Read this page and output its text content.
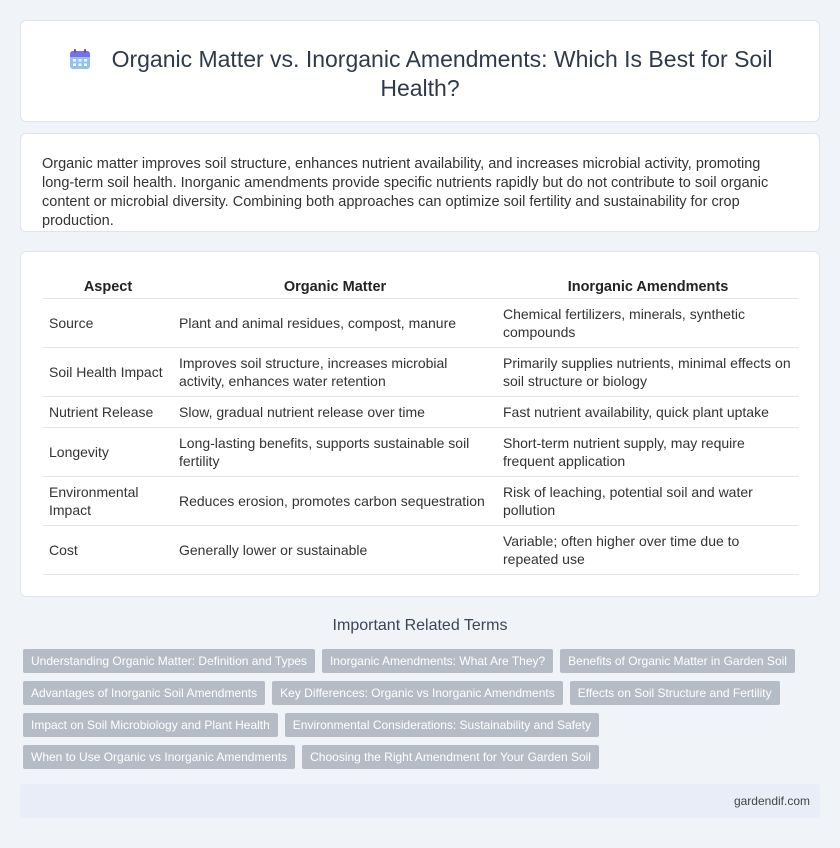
Organic Matter vs. Inorganic Amendments: Which Is Best for Soil Health?

Organic matter improves soil structure, enhances nutrient availability, and increases microbial activity, promoting long-term soil health. Inorganic amendments provide specific nutrients rapidly but do not contribute to soil organic content or microbial diversity. Combining both approaches can optimize soil fertility and sustainability for crop production.

Aspect	Organic Matter	Inorganic Amendments
Source	Plant and animal residues, compost, manure	Chemical fertilizers, minerals, synthetic compounds
Soil Health Impact	Improves soil structure, increases microbial activity, enhances water retention	Primarily supplies nutrients, minimal effects on soil structure or biology
Nutrient Release	Slow, gradual nutrient release over time	Fast nutrient availability, quick plant uptake
Longevity	Long-lasting benefits, supports sustainable soil fertility	Short-term nutrient supply, may require frequent application
Environmental Impact	Reduces erosion, promotes carbon sequestration	Risk of leaching, potential soil and water pollution
Cost	Generally lower or sustainable	Variable; often higher over time due to repeated use
Important Related Terms
Understanding Organic Matter: Definition and Types	Inorganic Amendments: What Are They?	Benefits of Organic Matter in Garden Soil
Advantages of Inorganic Soil Amendments	Key Differences: Organic vs Inorganic Amendments	Effects on Soil Structure and Fertility
Impact on Soil Microbiology and Plant Health	Environmental Considerations: Sustainability and Safety
When to Use Organic vs Inorganic Amendments	Choosing the Right Amendment for Your Garden Soil
gardendif.com
